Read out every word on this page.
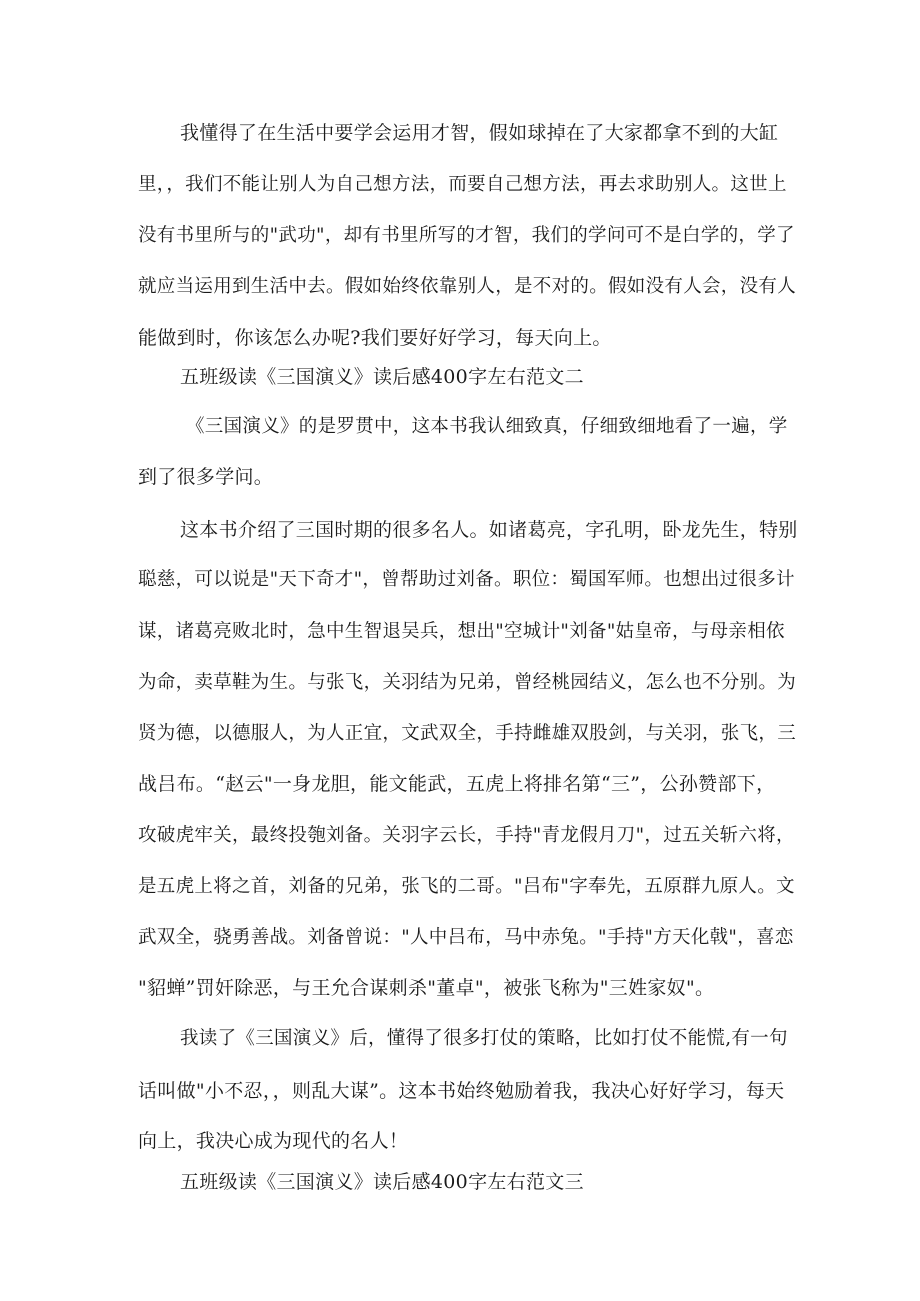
我懂得了在生活中要学会运用才智，假如球掉在了大家都拿不到的大缸
里，，我们不能让别人为自己想方法，而要自己想方法，再去求助别人。这世上
没有书里所与的"武功"，却有书里所写的才智，我们的学问可不是白学的，学了
就应当运用到生活中去。假如始终依靠别人，是不对的。假如没有人会，没有人
能做到时，你该怎么办呢?我们要好好学习，每天向上。
五班级读《三国演义》读后感400字左右范文二
《三国演义》的是罗贯中，这本书我认细致真，仔细致细地看了一遍，学
到了很多学问。
这本书介绍了三国时期的很多名人。如诸葛亮，字孔明，卧龙先生，特别
聪慈，可以说是"天下奇才"，曾帮助过刘备。职位：蜀国军师。也想出过很多计
谋，诸葛亮败北时，急中生智退吴兵，想出"空城计"刘备"姑皇帝，与母亲相依
为命，卖草鞋为生。与张飞，关羽结为兄弟，曾经桃园结义，怎么也不分别。为
贤为德，以德服人，为人正宜，文武双全，手持雌雄双股剑，与关羽，张飞，三
战吕布。“赵云"一身龙胆，能文能武，五虎上将排名第“三”，公孙赞部下，
攻破虎牢关，最终投匏刘备。关羽字云长，手持"青龙假月刀"，过五关斩六将，
是五虎上将之首，刘备的兄弟，张飞的二哥。"吕布"字奉先，五原群九原人。文
武双全，骁勇善战。刘备曾说："人中吕布，马中赤兔。"手持"方天化戟"，喜恋
"貂蝉”罚奸除恶，与王允合谋刺杀"董卓"，被张飞称为"三姓家奴"。
我读了《三国演义》后，懂得了很多打仗的策略，比如打仗不能慌,有一句
话叫做"小不忍，，则乱大谋”。这本书始终勉励着我，我决心好好学习，每天
向上，我决心成为现代的名人！
五班级读《三国演义》读后感400字左右范文三
